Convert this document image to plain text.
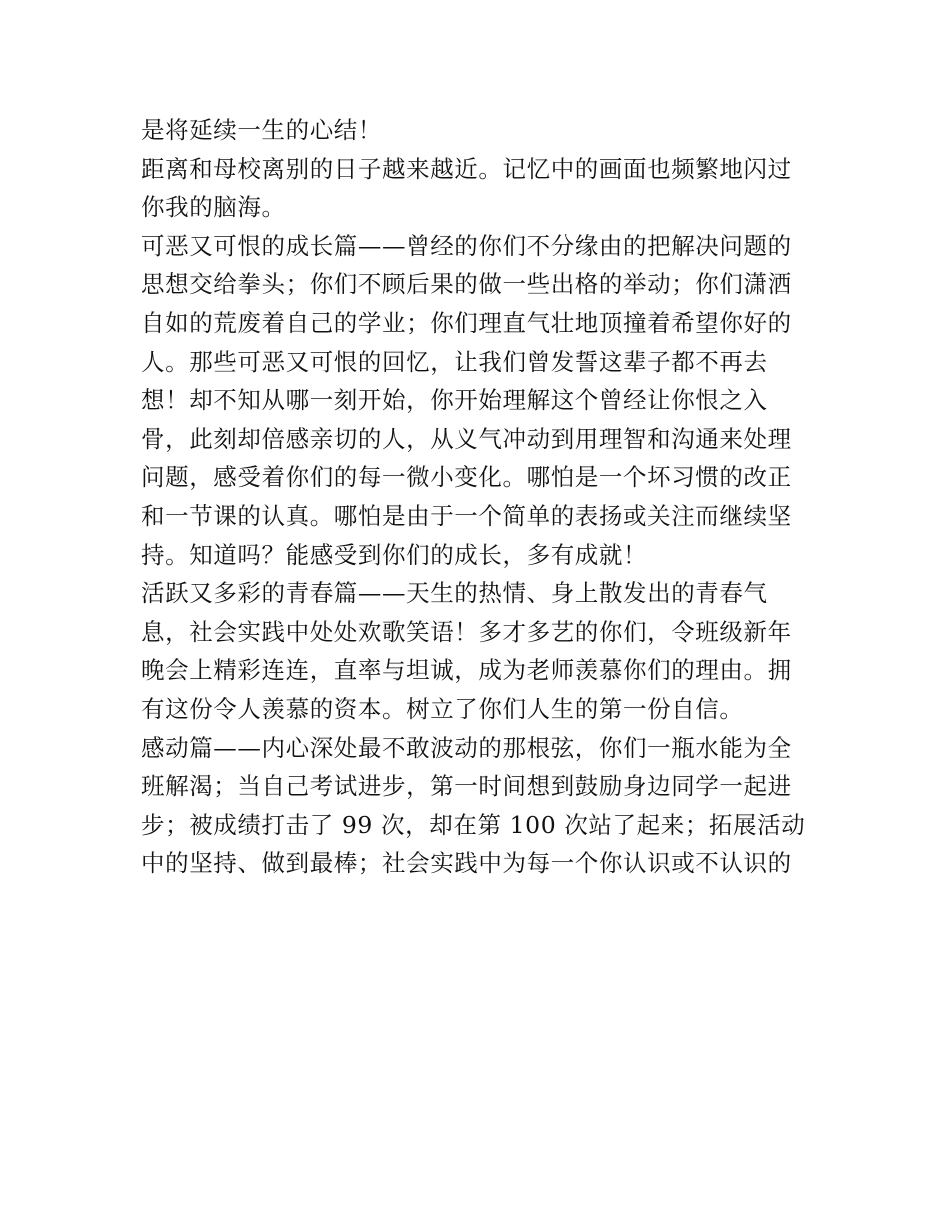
是将延续一生的心结！
距离和母校离别的日子越来越近。记忆中的画面也频繁地闪过
你我的脑海。
可恶又可恨的成长篇——曾经的你们不分缘由的把解决问题的
思想交给拳头；你们不顾后果的做一些出格的举动；你们潇洒
自如的荒废着自己的学业；你们理直气壮地顶撞着希望你好的
人。那些可恶又可恨的回忆，让我们曾发誓这辈子都不再去
想！却不知从哪一刻开始，你开始理解这个曾经让你恨之入
骨，此刻却倍感亲切的人，从义气冲动到用理智和沟通来处理
问题，感受着你们的每一微小变化。哪怕是一个坏习惯的改正
和一节课的认真。哪怕是由于一个简单的表扬或关注而继续坚
持。知道吗？能感受到你们的成长，多有成就！
活跃又多彩的青春篇——天生的热情、身上散发出的青春气
息，社会实践中处处欢歌笑语！多才多艺的你们，令班级新年
晚会上精彩连连，直率与坦诚，成为老师羡慕你们的理由。拥
有这份令人羡慕的资本。树立了你们人生的第一份自信。
感动篇——内心深处最不敢波动的那根弦，你们一瓶水能为全
班解渴；当自己考试进步，第一时间想到鼓励身边同学一起进
步；被成绩打击了 99 次，却在第 100 次站了起来；拓展活动
中的坚持、做到最棒；社会实践中为每一个你认识或不认识的
